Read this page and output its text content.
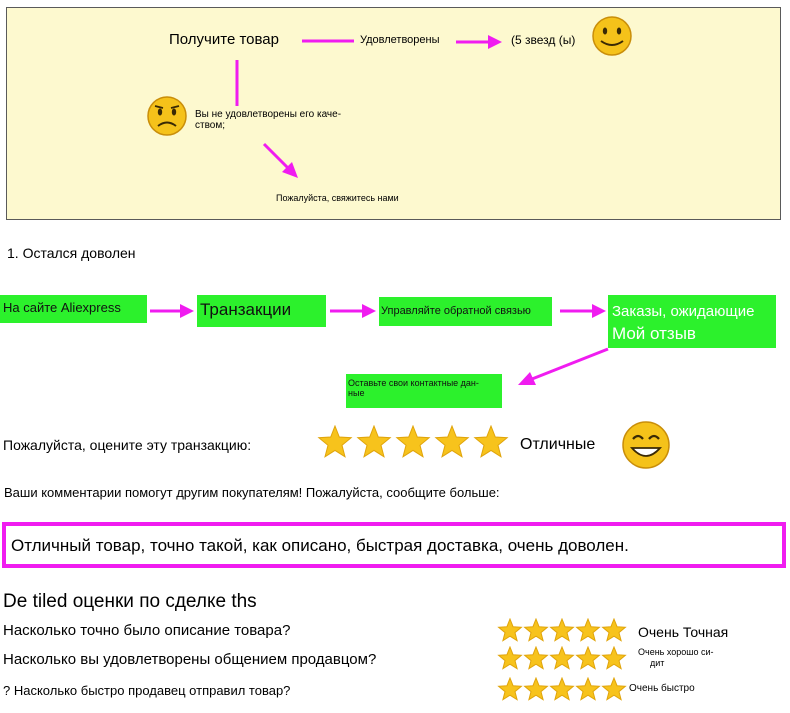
Получите товар	Удовлетворены	(5 звезд (ы)
Вы не удовлетворены его каче-
ством;
Пожалуйста, свяжитесь нами
1. Остался доволен
На сайте Aliexpress	Транзакции	Управляйте обратной связью	Заказы, ожидающие
Мой отзыв
Оставьте свои контактные дан-
ные
Пожалуйста, оцените эту транзакцию:	Отличные
Ваши комментарии помогут другим покупателям! Пожалуйста, сообщите больше:
Отличный товар, точно такой, как описано, быстрая доставка, очень доволен.
De tiled оценки по сделке ths
Насколько точно было описание товара?	Очень Точная
Насколько вы удовлетворены общением продавцом?	Очень хорошо си-
дит
? Насколько быстро продавец отправил товар?	Очень быстро
